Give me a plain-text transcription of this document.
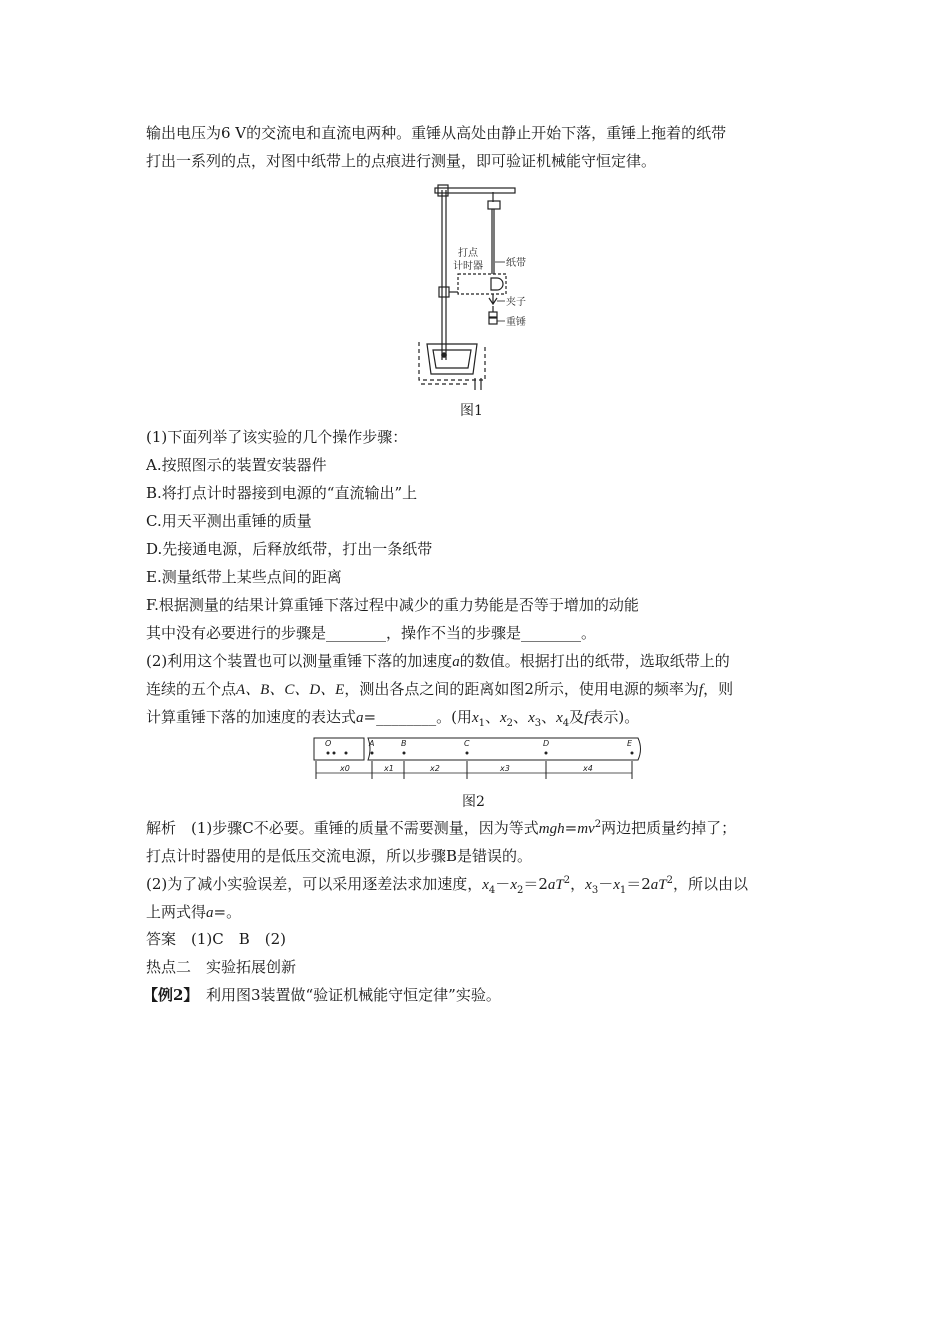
输出电压为6 V的交流电和直流电两种。重锤从高处由静止开始下落，重锤上拖着的纸带
打出一系列的点，对图中纸带上的点痕进行测量，即可验证机械能守恒定律。
打点
计时器 纸带
夹子
重锤
图1
(1)下面列举了该实验的几个操作步骤：
A.按照图示的装置安装器件
B.将打点计时器接到电源的“直流输出”上
C.用天平测出重锤的质量
D.先接通电源，后释放纸带，打出一条纸带
E.测量纸带上某些点间的距离
F.根据测量的结果计算重锤下落过程中减少的重力势能是否等于增加的动能
其中没有必要进行的步骤是________，操作不当的步骤是________。
(2)利用这个装置也可以测量重锤下落的加速度a的数值。根据打出的纸带，选取纸带上的
连续的五个点A、B、C、D、E，测出各点之间的距离如图2所示，使用电源的频率为f，则
计算重锤下落的加速度的表达式a=________。(用$x_1$、$x_2$、$x_3$、$x_4$及f表示)。
O	A	B	C	D	E
x0	x1	x2	x3	x4
图2
解析　 (1)步骤C不必要。重锤的质量不需要测量，因为等式$mgh=mv^2$两边把质量约掉了；
打点计时器使用的是低压交流电源，所以步骤B是错误的。
(2)为了减小实验误差，可以采用逐差法求加速度，$x_4-x_2=2aT^2$，$x_3-x_1=2aT^2$，所以由以
上两式得a=。
答案　 (1)C　B　(2)
热点二　实验拓展创新
【例2】　 利用图3装置做“验证机械能守恒定律”实验。
